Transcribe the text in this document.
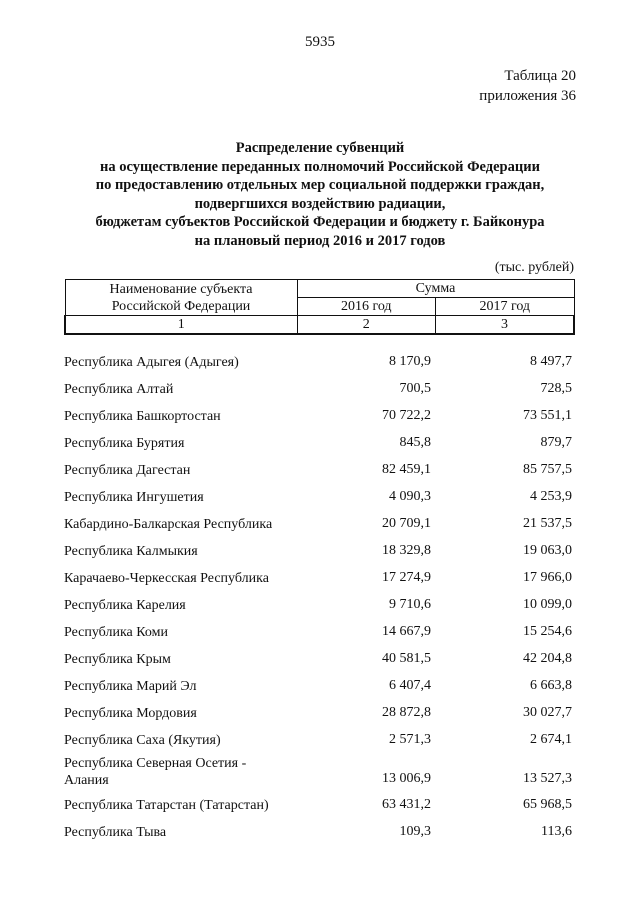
5935
Таблица 20
приложения 36
Распределение субвенций
на осуществление переданных полномочий Российской Федерации
по предоставлению отдельных мер социальной поддержки граждан,
подвергшихся воздействию радиации,
бюджетам субъектов Российской Федерации и бюджету г. Байконура
на плановый период 2016 и 2017 годов
(тыс. рублей)
Наименование субъекта
Российской Федерации	Сумма	
	2016 год	2017 год
1	2	3
Республика Адыгея (Адыгея)	8 170,9	8 497,7
Республика Алтай	700,5	728,5
Республика Башкортостан	70 722,2	73 551,1
Республика Бурятия	845,8	879,7
Республика Дагестан	82 459,1	85 757,5
Республика Ингушетия	4 090,3	4 253,9
Кабардино-Балкарская Республика	20 709,1	21 537,5
Республика Калмыкия	18 329,8	19 063,0
Карачаево-Черкесская Республика	17 274,9	17 966,0
Республика Карелия	9 710,6	10 099,0
Республика Коми	14 667,9	15 254,6
Республика Крым	40 581,5	42 204,8
Республика Марий Эл	6 407,4	6 663,8
Республика Мордовия	28 872,8	30 027,7
Республика Саха (Якутия)	2 571,3	2 674,1
Республика Северная Осетия - Алания	13 006,9	13 527,3
Республика Татарстан (Татарстан)	63 431,2	65 968,5
Республика Тыва	109,3	113,6
